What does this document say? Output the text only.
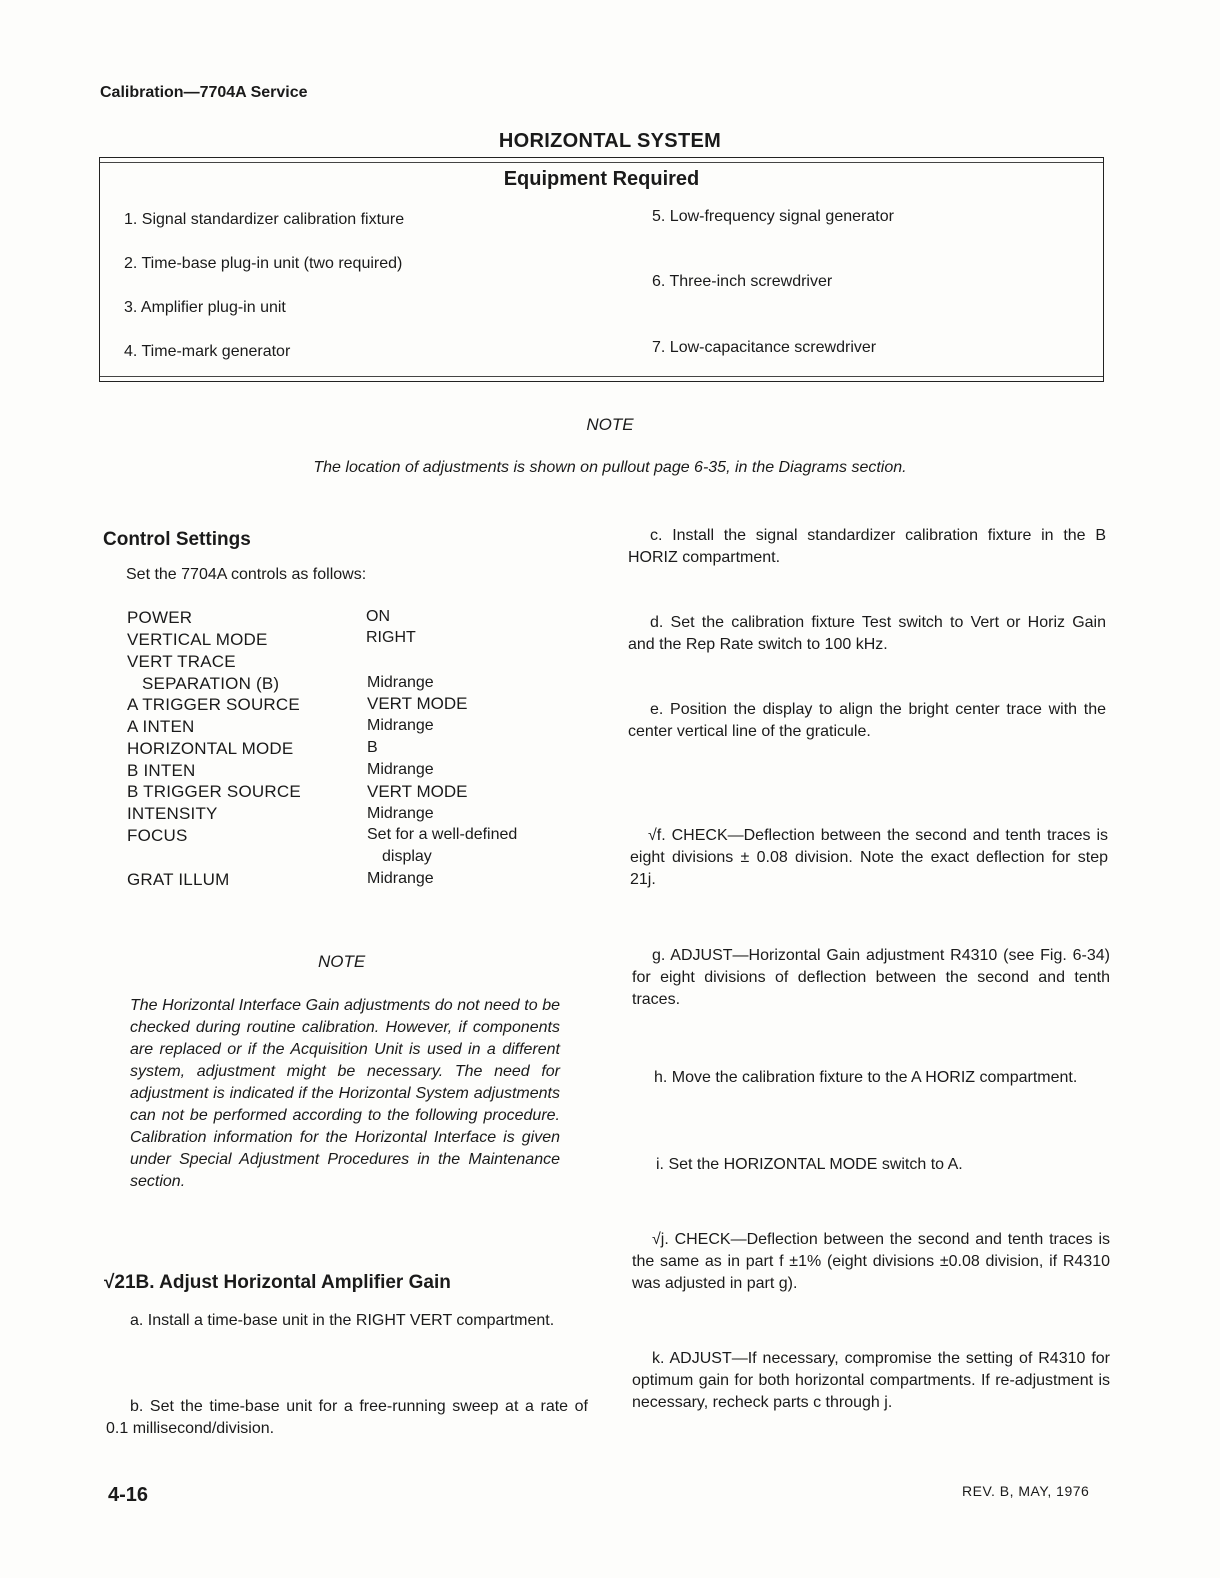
Calibration—7704A Service
HORIZONTAL SYSTEM
Equipment Required
1. Signal standardizer calibration fixture
2. Time-base plug-in unit (two required)
3. Amplifier plug-in unit
4. Time-mark generator
5. Low-frequency signal generator
6. Three-inch screwdriver
7. Low-capacitance screwdriver
NOTE
The location of adjustments is shown on pullout page 6-35, in the Diagrams section.
Control Settings
Set the 7704A controls as follows:
POWER	ON
VERTICAL MODE	RIGHT
VERT TRACE
SEPARATION (B)	Midrange
A TRIGGER SOURCE	VERT MODE
A INTEN	Midrange
HORIZONTAL MODE	B
B INTEN	Midrange
B TRIGGER SOURCE	VERT MODE
INTENSITY	Midrange
FOCUS	Set for a well-defined
display
GRAT ILLUM	Midrange
NOTE
The Horizontal Interface Gain adjustments do not need to be checked during routine calibration. However, if components are replaced or if the Acquisition Unit is used in a different system, adjustment might be necessary. The need for adjustment is indicated if the Horizontal System adjustments can not be performed according to the following procedure. Calibration information for the Horizontal Interface is given under Special Adjustment Procedures in the Maintenance section.
√21B. Adjust Horizontal Amplifier Gain
a. Install a time-base unit in the RIGHT VERT compartment.
b. Set the time-base unit for a free-running sweep at a rate of 0.1 millisecond/division.
c. Install the signal standardizer calibration fixture in the B HORIZ compartment.
d. Set the calibration fixture Test switch to Vert or Horiz Gain and the Rep Rate switch to 100 kHz.
e. Position the display to align the bright center trace with the center vertical line of the graticule.
√f. CHECK—Deflection between the second and tenth traces is eight divisions ± 0.08 division. Note the exact deflection for step 21j.
g. ADJUST—Horizontal Gain adjustment R4310 (see Fig. 6-34) for eight divisions of deflection between the second and tenth traces.
h. Move the calibration fixture to the A HORIZ compartment.
i. Set the HORIZONTAL MODE switch to A.
√j. CHECK—Deflection between the second and tenth traces is the same as in part f ±1% (eight divisions ±0.08 division, if R4310 was adjusted in part g).
k. ADJUST—If necessary, compromise the setting of R4310 for optimum gain for both horizontal compartments. If re-adjustment is necessary, recheck parts c through j.
4-16	REV. B, MAY, 1976
